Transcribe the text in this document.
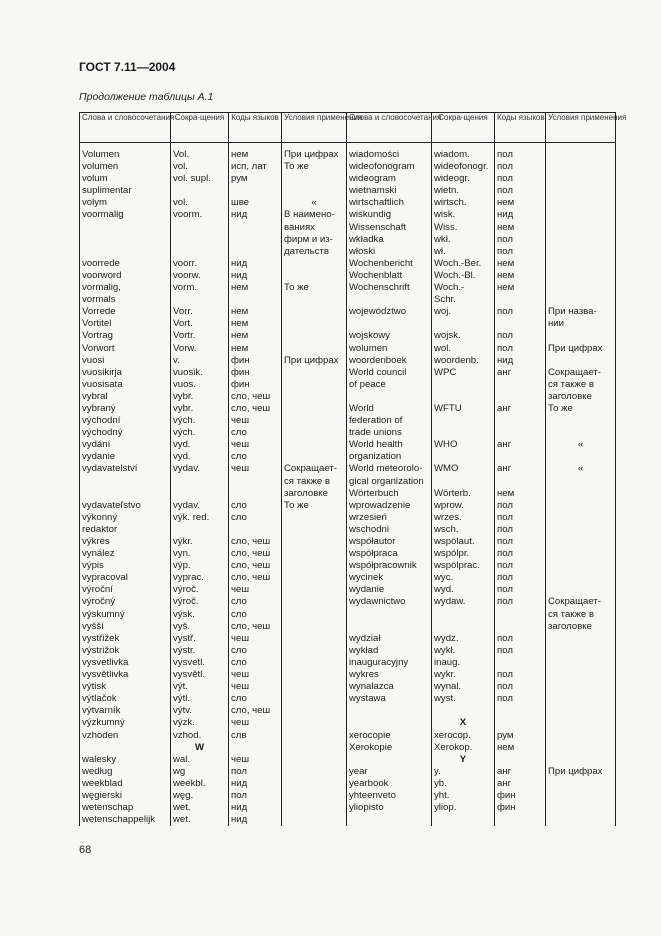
ГОСТ 7.11—2004
Продолжение таблицы А.1
Слова и словосочетания	Сокра-щения	Коды языков	Условия применения	Слова и словосочетания	Сокра-щения	Коды языков	Условия применения

Volumen	Vol.	нем	При цифрах	wiadomości	wiadom.	пол	
volumen	vol.	исп, лат	То же	wideofonogram	wideofonogr.	пол	
volum	vol. supl.	рум		wideogram	wideogr.	пол	
suplimentar				wietnamski	wietn.	пол	
volym	vol.	шве	«	wirtschaftlich	wirtsch.	нем	
voormalig	voorm.	нид	В наимено-	wiskundig	wisk.	нид	
			ваниях	Wissenschaft	Wiss.	нем	
			фирм и из-	wkładka	wkł.	пол	
			дательств	włoski	wł.	пол	
voorrede	voorr.	нид		Wochenbericht	Woch.-Ber.	нем	
voorword	voorw.	нид		Wochenblatt	Woch.-Bl.	нем	
vormalig,	vorm.	нем	То же	Wochenschrift	Woch.-	нем	
vormals					Schr.		
Vorrede	Vorr.	нем		województwo	woj.	пол	При назва-
Vortitel	Vort.	нем					нии
Vortrag	Vortr.	нем		wojskowy	wojsk.	пол	
Vorwort	Vorw.	нем		wolumen	wol.	пол	При цифрах
vuosi	v.	фин	При цифрах	woordenboek	woordenb.	нид	
vuosikirja	vuosik.	фин		World council	WPC	анг	Сокращает-
vuosisata	vuos.	фин		of peace			ся также в
vybral	vybr.	сло, чеш					заголовке
vybraný	vybr.	сло, чеш		World	WFTU	анг	То же
východní	vých.	чеш		federation of			
východný	vých.	сло		trade unions			
vydání	vyd.	чеш		World health	WHO	анг	«
vydanie	vyd.	сло		organization			
vydavatelství	vydav.	чеш	Сокращает-	World meteorolo-	WMO	анг	«
			ся также в	gical organization			
			заголовке	Wörterbuch	Wörterb.	нем	
vydavateľstvo	vydav.	сло	То же	wprowadzenie	wprow.	пол	
výkonný	výk. red.	сло		wrzesień	wrzes.	пол	
redaktor				wschodni	wsch.	пол	
výkres	výkr.	сло, чеш		współautor	wspólaut.	пол	
vynález	vyn.	сло, чеш		współpraca	wspólpr.	пол	
výpis	výp.	сло, чеш		współpracownik	wspólprac.	пол	
vypracoval	vyprac.	сло, чеш		wycinek	wyc.	пол	
výroční	výroč.	чеш		wydanie	wyd.	пол	
výročný	výroč.	сло		wydawnictwo	wydaw.	пол	Сокращает-
výskumný	výsk.	сло					ся также в
vyšší	vyš.	сло, чеш					заголовке
vystřižek	vystř.	чеш		wydział	wydz.	пол	
výstrižok	výstr.	сло		wykład	wykł.	пол	
vysvetlivka	vysvetl.	сло		inauguracyjny	inaug.		
vysvětlivka	vysvětl.	чеш		wykres	wykr.	пол	
výtisk	výt.	чеш		wynalazca	wynal.	пол	
výtlačok	výtl.	сло		wystawa	wyst.	пол	
výtvarník	výtv.	сло, чеш					
výzkumný	výzk.	чеш			X		
vzhoden	vzhod.	слв		xerocopie	xerocop.	рум	
	W			Xerokopie	Xerokop.	нем	
walesky	wal.	чеш			Y		
według	wg	пол		year	y.	анг	При цифрах
weekblad	weekbl.	нид		yearbook	yb.	анг	
węgierski	węg.	пол		yhteenveto	yht.	фин	
wetenschap	wet.	нид		yliopisto	yliop.	фин	
wetenschappelijk	wet.	нид					
68
